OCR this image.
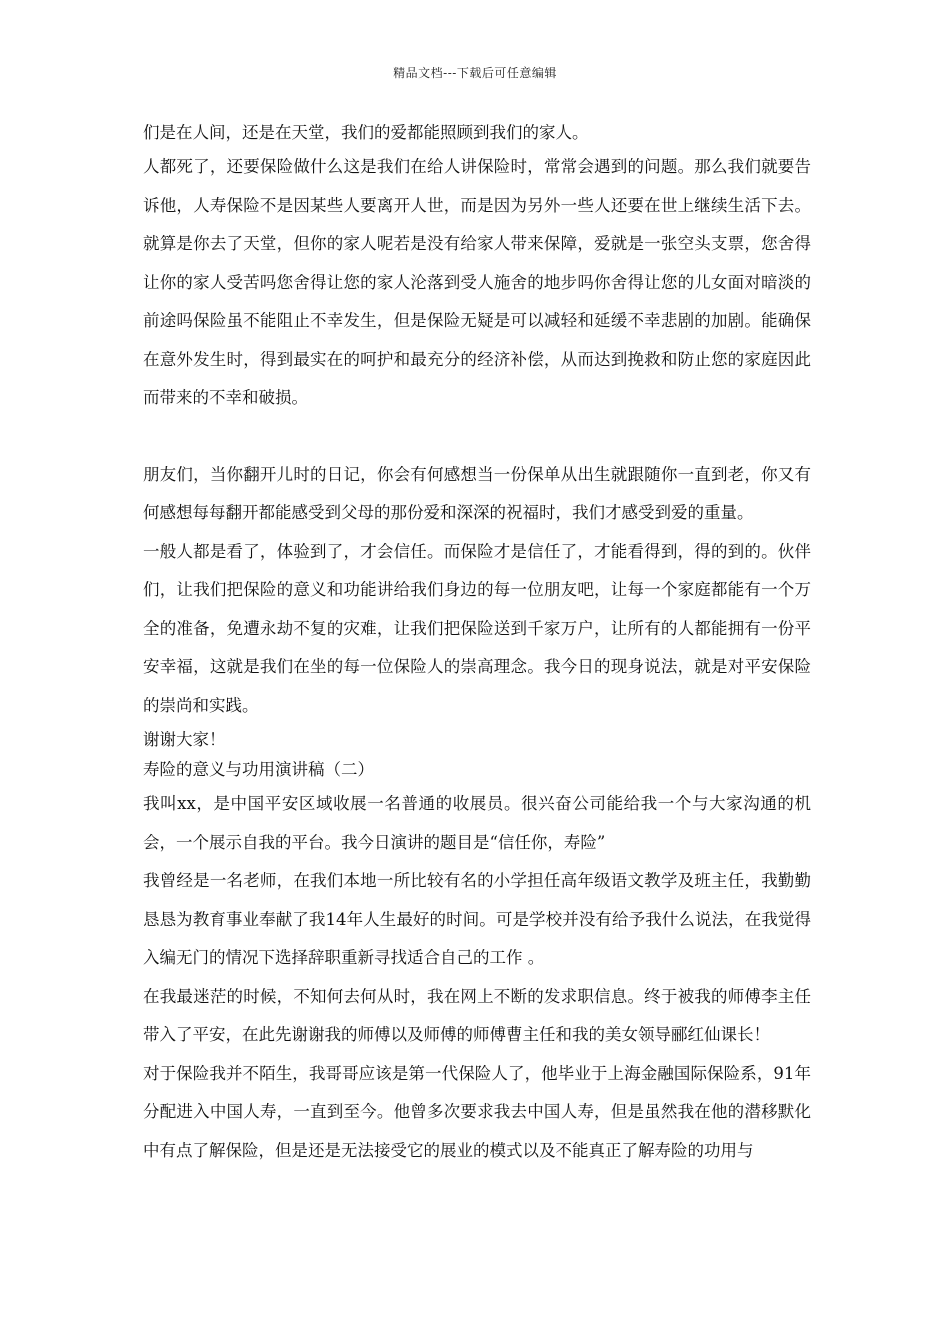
精品文档---下载后可任意编辑

们是在人间，还是在天堂，我们的爱都能照顾到我们的家人。

人都死了，还要保险做什么这是我们在给人讲保险时，常常会遇到的问题。那么我们就要告诉他，人寿保险不是因某些人要离开人世，而是因为另外一些人还要在世上继续生活下去。就算是你去了天堂，但你的家人呢若是没有给家人带来保障，爱就是一张空头支票，您舍得让你的家人受苦吗您舍得让您的家人沦落到受人施舍的地步吗你舍得让您的儿女面对暗淡的前途吗保险虽不能阻止不幸发生，但是保险无疑是可以减轻和延缓不幸悲剧的加剧。能确保在意外发生时，得到最实在的呵护和最充分的经济补偿，从而达到挽救和防止您的家庭因此而带来的不幸和破损。

朋友们，当你翻开儿时的日记，你会有何感想当一份保单从出生就跟随你一直到老，你又有何感想每每翻开都能感受到父母的那份爱和深深的祝福时，我们才感受到爱的重量。

一般人都是看了，体验到了，才会信任。而保险才是信任了，才能看得到，得的到的。伙伴们，让我们把保险的意义和功能讲给我们身边的每一位朋友吧，让每一个家庭都能有一个万全的准备，免遭永劫不复的灾难，让我们把保险送到千家万户，让所有的人都能拥有一份平安幸福，这就是我们在坐的每一位保险人的崇高理念。我今日的现身说法，就是对平安保险的崇尚和实践。

谢谢大家！

寿险的意义与功用演讲稿（二）

我叫xx，是中国平安区域收展一名普通的收展员。很兴奋公司能给我一个与大家沟通的机会，一个展示自我的平台。我今日演讲的题目是“信任你，寿险”

我曾经是一名老师，在我们本地一所比较有名的小学担任高年级语文教学及班主任，我勤勤恳恳为教育事业奉献了我14年人生最好的时间。可是学校并没有给予我什么说法，在我觉得入编无门的情况下选择辞职重新寻找适合自己的工作 。

在我最迷茫的时候，不知何去何从时，我在网上不断的发求职信息。终于被我的师傅李主任带入了平安，在此先谢谢我的师傅以及师傅的师傅曹主任和我的美女领导郦红仙课长！

对于保险我并不陌生，我哥哥应该是第一代保险人了，他毕业于上海金融国际保险系，91年分配进入中国人寿，一直到至今。他曾多次要求我去中国人寿，但是虽然我在他的潜移默化中有点了解保险，但是还是无法接受它的展业的模式以及不能真正了解寿险的功用与
